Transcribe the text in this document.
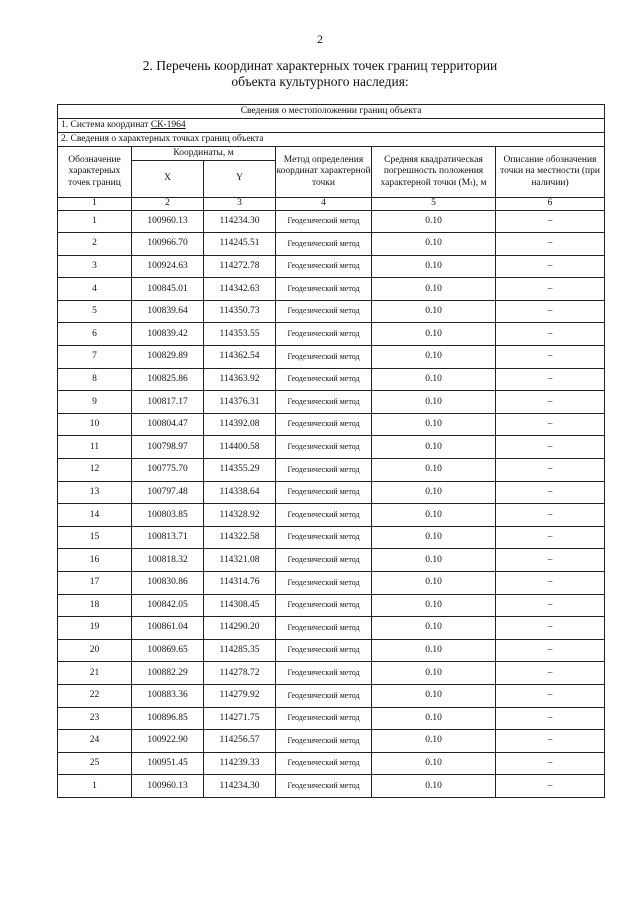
2
2. Перечень координат характерных точек границ территории
объекта культурного наследия:
Сведения о местоположении границ объекта					
1. Система координат СК-1964					
2. Сведения о характерных точках границ объекта					
Обозначение характерных точек границ	Координаты, м		Метод определения координат характерной точки	Средняя квадратическая погрешность положения характерной точки (Mₜ), м	Описание обозначения точки на местности (при наличии)
	X	Y			
1	2	3	4	5	6
1	100960.13	114234.30	Геодезический метод	0.10	–
2	100966.70	114245.51	Геодезический метод	0.10	–
3	100924.63	114272.78	Геодезический метод	0.10	–
4	100845.01	114342.63	Геодезический метод	0.10	–
5	100839.64	114350.73	Геодезический метод	0.10	–
6	100839.42	114353.55	Геодезический метод	0.10	–
7	100829.89	114362.54	Геодезический метод	0.10	–
8	100825.86	114363.92	Геодезический метод	0.10	–
9	100817.17	114376.31	Геодезический метод	0.10	–
10	100804.47	114392.08	Геодезический метод	0.10	–
11	100798.97	114400.58	Геодезический метод	0.10	–
12	100775.70	114355.29	Геодезический метод	0.10	–
13	100797.48	114338.64	Геодезический метод	0.10	–
14	100803.85	114328.92	Геодезический метод	0.10	–
15	100813.71	114322.58	Геодезический метод	0.10	–
16	100818.32	114321.08	Геодезический метод	0.10	–
17	100830.86	114314.76	Геодезический метод	0.10	–
18	100842.05	114308.45	Геодезический метод	0.10	–
19	100861.04	114290.20	Геодезический метод	0.10	–
20	100869.65	114285.35	Геодезический метод	0.10	–
21	100882.29	114278.72	Геодезический метод	0.10	–
22	100883.36	114279.92	Геодезический метод	0.10	–
23	100896.85	114271.75	Геодезический метод	0.10	–
24	100922.90	114256.57	Геодезический метод	0.10	–
25	100951.45	114239.33	Геодезический метод	0.10	–
1	100960.13	114234.30	Геодезический метод	0.10	–
